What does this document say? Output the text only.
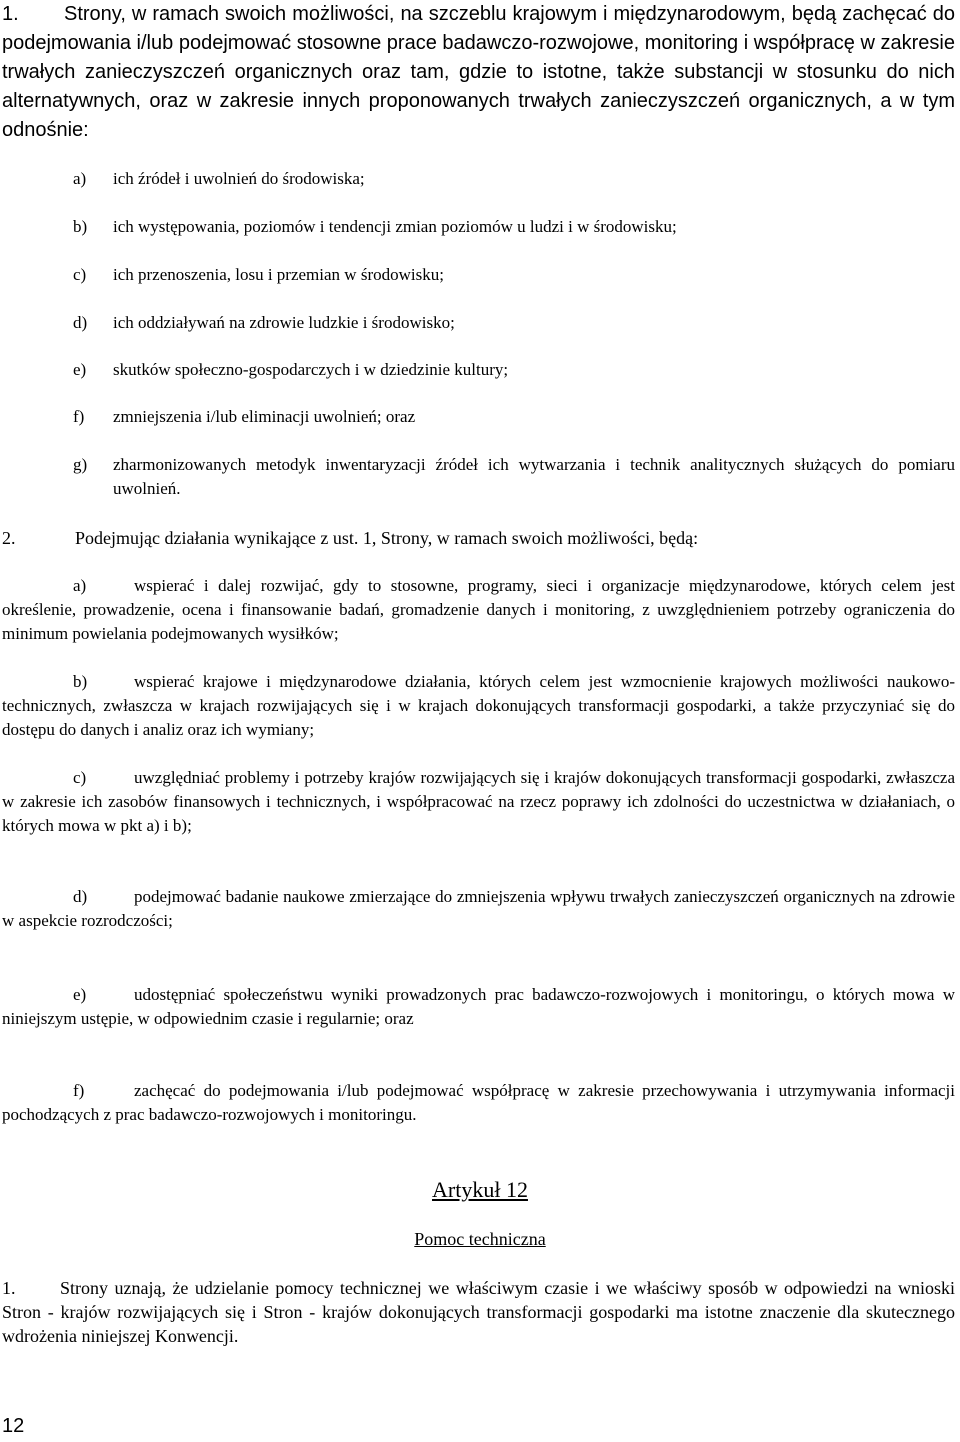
1. Strony, w ramach swoich możliwości, na szczeblu krajowym i międzynarodowym, będą zachęcać do podejmowania i/lub podejmować stosowne prace badawczo-rozwojowe, monitoring i współpracę w zakresie trwałych zanieczyszczeń organicznych oraz tam, gdzie to istotne, także substancji w stosunku do nich alternatywnych, oraz w zakresie innych proponowanych trwałych zanieczyszczeń organicznych, a w tym odnośnie:

a) ich źródeł i uwolnień do środowiska;
b) ich występowania, poziomów i tendencji zmian poziomów u ludzi i w środowisku;
c) ich przenoszenia, losu i przemian w środowisku;
d) ich oddziaływań na zdrowie ludzkie i środowisko;
e) skutków społeczno-gospodarczych i w dziedzinie kultury;
f) zmniejszenia i/lub eliminacji uwolnień; oraz
g) zharmonizowanych metodyk inwentaryzacji źródeł ich wytwarzania i technik analitycznych służących do pomiaru uwolnień.

2.	Podejmując działania wynikające z ust. 1, Strony, w ramach swoich możliwości, będą:

a)	wspierać i dalej rozwijać, gdy to stosowne, programy, sieci i organizacje międzynarodowe, których celem jest określenie, prowadzenie, ocena i finansowanie badań, gromadzenie danych i monitoring, z uwzględnieniem potrzeby ograniczenia do minimum powielania podejmowanych wysiłków;

b)	wspierać krajowe i międzynarodowe działania, których celem jest wzmocnienie krajowych możliwości naukowo-technicznych, zwłaszcza w krajach rozwijających się i w krajach dokonujących transformacji gospodarki, a także przyczyniać się do dostępu do danych i analiz oraz ich wymiany;

c)	uwzględniać problemy i potrzeby krajów rozwijających się i krajów dokonujących transformacji gospodarki, zwłaszcza w zakresie ich zasobów finansowych i technicznych, i współpracować na rzecz poprawy ich zdolności do uczestnictwa w działaniach, o których mowa w pkt a) i b);

d)	podejmować badanie naukowe zmierzające do zmniejszenia wpływu trwałych zanieczyszczeń organicznych na zdrowie w aspekcie rozrodczości;

e)	udostępniać społeczeństwu wyniki prowadzonych prac badawczo-rozwojowych i monitoringu, o których mowa w niniejszym ustępie, w odpowiednim czasie i regularnie; oraz

f)	zachęcać do podejmowania i/lub podejmować współpracę w zakresie przechowywania i utrzymywania informacji pochodzących z prac badawczo-rozwojowych i monitoringu.

Artykuł 12

Pomoc techniczna

1. Strony uznają, że udzielanie pomocy technicznej we właściwym czasie i we właściwy sposób w odpowiedzi na wnioski Stron - krajów rozwijających się i Stron - krajów dokonujących transformacji gospodarki ma istotne znaczenie dla skutecznego wdrożenia niniejszej Konwencji.

12
